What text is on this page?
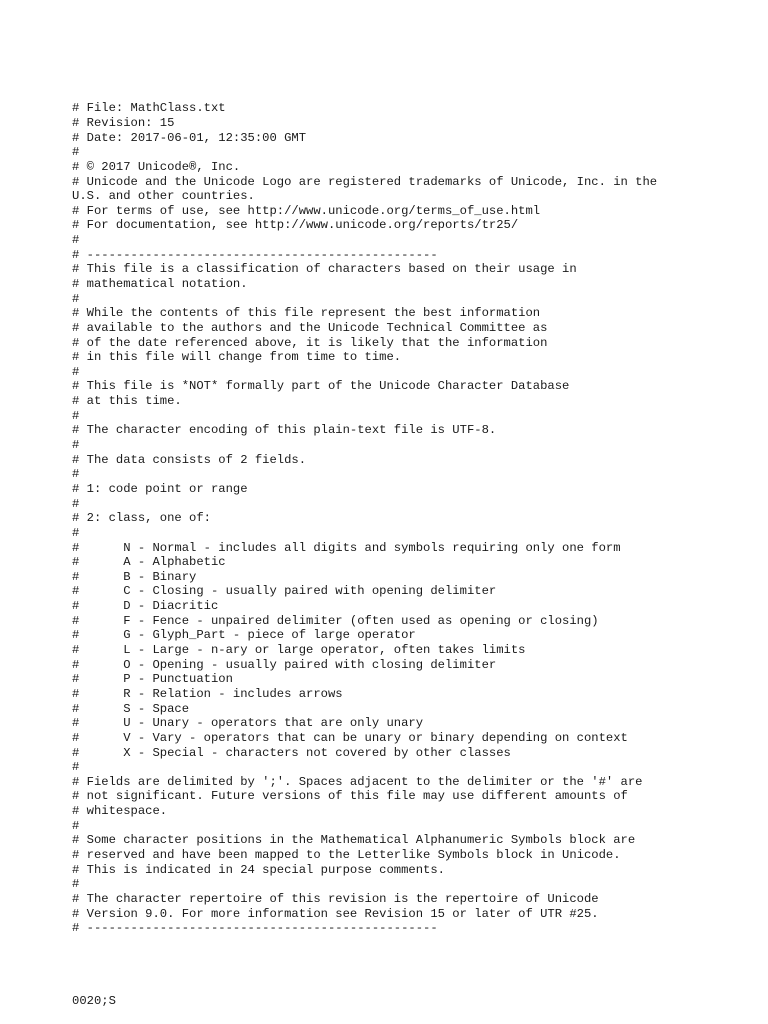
# File: MathClass.txt
# Revision: 15
# Date: 2017-06-01, 12:35:00 GMT
#
# © 2017 Unicode®, Inc.
# Unicode and the Unicode Logo are registered trademarks of Unicode, Inc. in the
U.S. and other countries.
# For terms of use, see http://www.unicode.org/terms_of_use.html
# For documentation, see http://www.unicode.org/reports/tr25/
#
# ------------------------------------------------
# This file is a classification of characters based on their usage in
# mathematical notation.
#
# While the contents of this file represent the best information
# available to the authors and the Unicode Technical Committee as
# of the date referenced above, it is likely that the information
# in this file will change from time to time.
#
# This file is *NOT* formally part of the Unicode Character Database
# at this time.
#
# The character encoding of this plain-text file is UTF-8.
#
# The data consists of 2 fields.
#
# 1: code point or range
#
# 2: class, one of:
#
#      N - Normal - includes all digits and symbols requiring only one form
#      A - Alphabetic
#      B - Binary
#      C - Closing - usually paired with opening delimiter
#      D - Diacritic
#      F - Fence - unpaired delimiter (often used as opening or closing)
#      G - Glyph_Part - piece of large operator
#      L - Large - n-ary or large operator, often takes limits
#      O - Opening - usually paired with closing delimiter
#      P - Punctuation
#      R - Relation - includes arrows
#      S - Space
#      U - Unary - operators that are only unary
#      V - Vary - operators that can be unary or binary depending on context
#      X - Special - characters not covered by other classes
#
# Fields are delimited by ';'. Spaces adjacent to the delimiter or the '#' are
# not significant. Future versions of this file may use different amounts of
# whitespace.
#
# Some character positions in the Mathematical Alphanumeric Symbols block are
# reserved and have been mapped to the Letterlike Symbols block in Unicode.
# This is indicated in 24 special purpose comments.
#
# The character repertoire of this revision is the repertoire of Unicode
# Version 9.0. For more information see Revision 15 or later of UTR #25.
# ------------------------------------------------

0020;S
